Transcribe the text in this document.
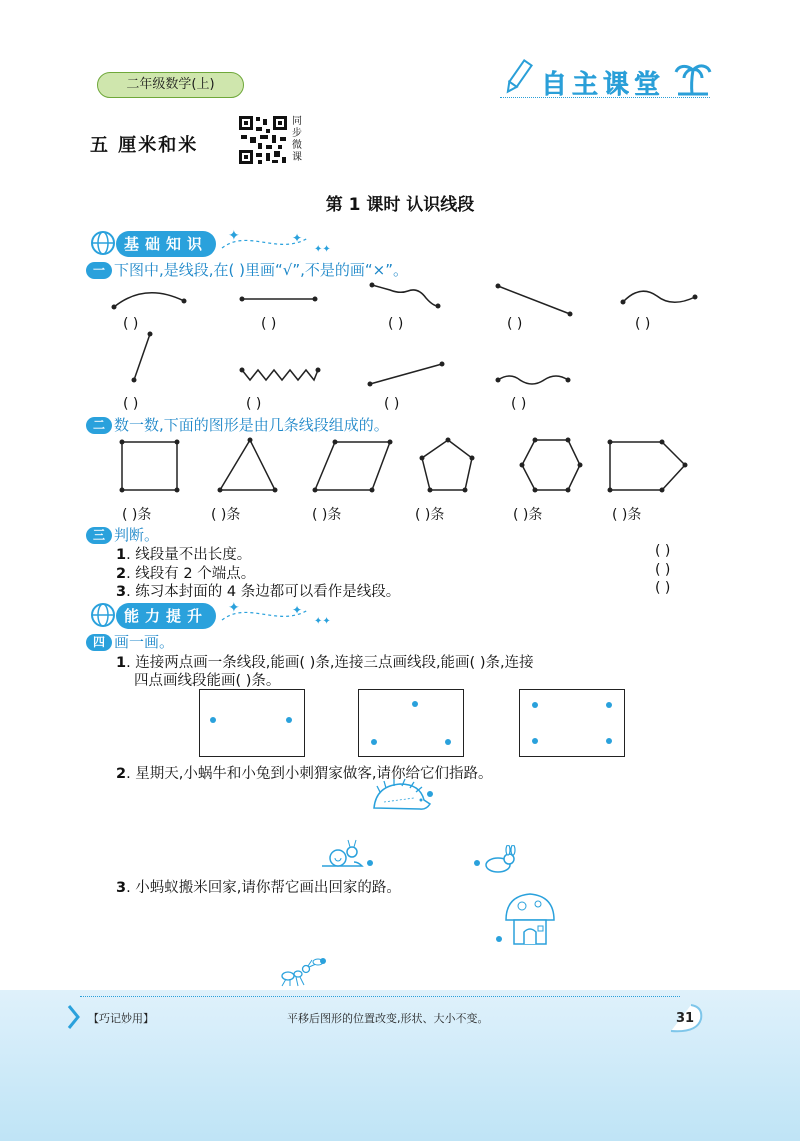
二年级数学(上)	自主课堂
五 厘米和米
同步微课
第 1 课时 认识线段
基础知识	✦	✦
✦✦
一 下图中,是线段,在( )里画“√”,不是的画“×”。
( )	( )	( )	( )	( )
( )	( )	( )	( )
二 数一数,下面的图形是由几条线段组成的。
( )条	( )条	( )条	( )条	( )条	( )条
三 判断。
1. 线段量不出长度。	( )
2. 线段有 2 个端点。	( )
3. 练习本封面的 4 条边都可以看作是线段。	( )
能力提升	✦	✦
✦✦
四 画一画。
1. 连接两点画一条线段,能画( )条,连接三点画线段,能画( )条,连接
四点画线段能画( )条。
2. 星期天,小蜗牛和小兔到小刺猬家做客,请你给它们指路。
3. 小蚂蚁搬米回家,请你帮它画出回家的路。
【巧记妙用】	平移后图形的位置改变,形状、大小不变。	31
